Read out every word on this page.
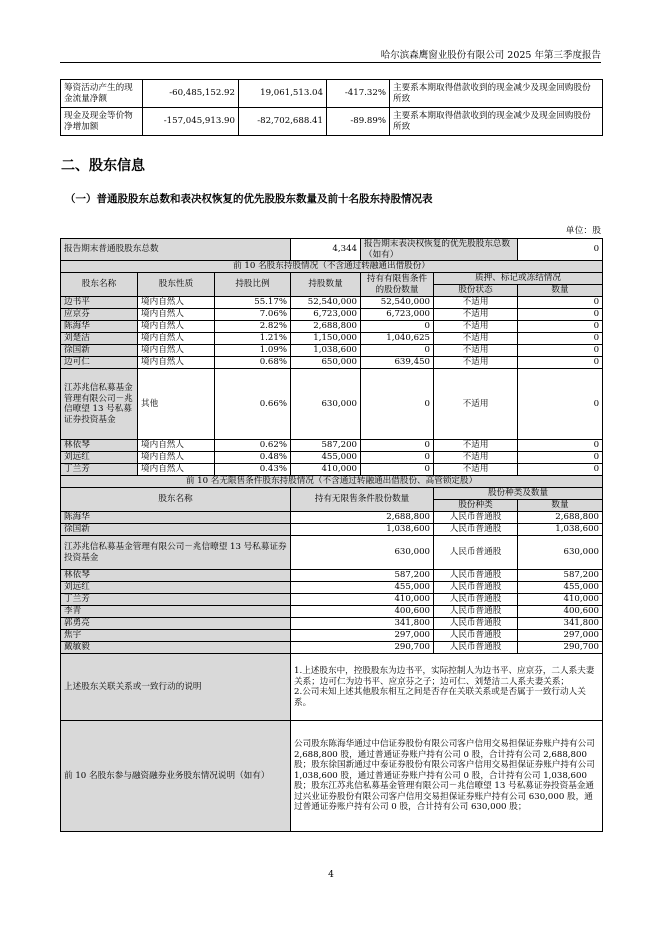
哈尔滨森鹰窗业股份有限公司 2025 年第三季度报告
筹资活动产生的现金流量净额	-60,485,152.92	19,061,513.04	-417.32%	主要系本期取得借款收到的现金减少及现金回购股份所致
现金及现金等价物净增加额	-157,045,913.90	-82,702,688.41	-89.89%	主要系本期取得借款收到的现金减少及现金回购股份所致
二、股东信息
（一）普通股股东总数和表决权恢复的优先股股东数量及前十名股东持股情况表
单位：股
报告期末普通股股东总数			4,344	报告期末表决权恢复的优先股股东总数（如有）		0
前 10 名股东持股情况（不含通过转融通出借股份）						
股东名称	股东性质	持股比例	持股数量	持有有限售条件的股份数量	质押、标记或冻结情况	
					股份状态	数量
边书平	境内自然人	55.17%	52,540,000	52,540,000	不适用	0
应京芬	境内自然人	7.06%	6,723,000	6,723,000	不适用	0
陈海华	境内自然人	2.82%	2,688,800	0	不适用	0
刘楚洁	境内自然人	1.21%	1,150,000	1,040,625	不适用	0
徐国新	境内自然人	1.09%	1,038,600	0	不适用	0
边可仁	境内自然人	0.68%	650,000	639,450	不适用	0
江苏兆信私募基金管理有限公司－兆信暸望 13 号私募证券投资基金	其他	0.66%	630,000	0	不适用	0
林依琴	境内自然人	0.62%	587,200	0	不适用	0
刘远红	境内自然人	0.48%	455,000	0	不适用	0
丁兰芳	境内自然人	0.43%	410,000	0	不适用	0
前 10 名无限售条件股东持股情况（不含通过转融通出借股份、高管锁定股）						
股东名称			持有无限售条件股份数量		股份种类及数量	
					股份种类	数量
陈海华			2,688,800		人民币普通股	2,688,800
徐国新			1,038,600		人民币普通股	1,038,600
江苏兆信私募基金管理有限公司－兆信暸望 13 号私募证券投资基金			630,000		人民币普通股	630,000
林依琴			587,200		人民币普通股	587,200
刘远红			455,000		人民币普通股	455,000
丁兰芳			410,000		人民币普通股	410,000
李青			400,600		人民币普通股	400,600
郭勇亮			341,800		人民币普通股	341,800
焦宇			297,000		人民币普通股	297,000
戴敏毅			290,700		人民币普通股	290,700
上述股东关联关系或一致行动的说明			1.上述股东中，控股股东为边书平，实际控制人为边书平、应京芬，二人系夫妻关系；边可仁为边书平、应京芬之子；边可仁、刘楚洁二人系夫妻关系；
2.公司未知上述其他股东相互之间是否存在关联关系或是否属于一致行动人关系。			
前 10 名股东参与融资融券业务股东情况说明（如有）			公司股东陈海华通过中信证券股份有限公司客户信用交易担保证券账户持有公司 2,688,800 股，通过普通证券账户持有公司 0 股，合计持有公司 2,688,800 股；股东徐国新通过中泰证券股份有限公司客户信用交易担保证券账户持有公司 1,038,600 股，通过普通证券账户持有公司 0 股，合计持有公司 1,038,600 股；股东江苏兆信私募基金管理有限公司－兆信暸望 13 号私募证券投资基金通过兴业证券股份有限公司客户信用交易担保证券账户持有公司 630,000 股，通过普通证券账户持有公司 0 股，合计持有公司 630,000 股；			
4
